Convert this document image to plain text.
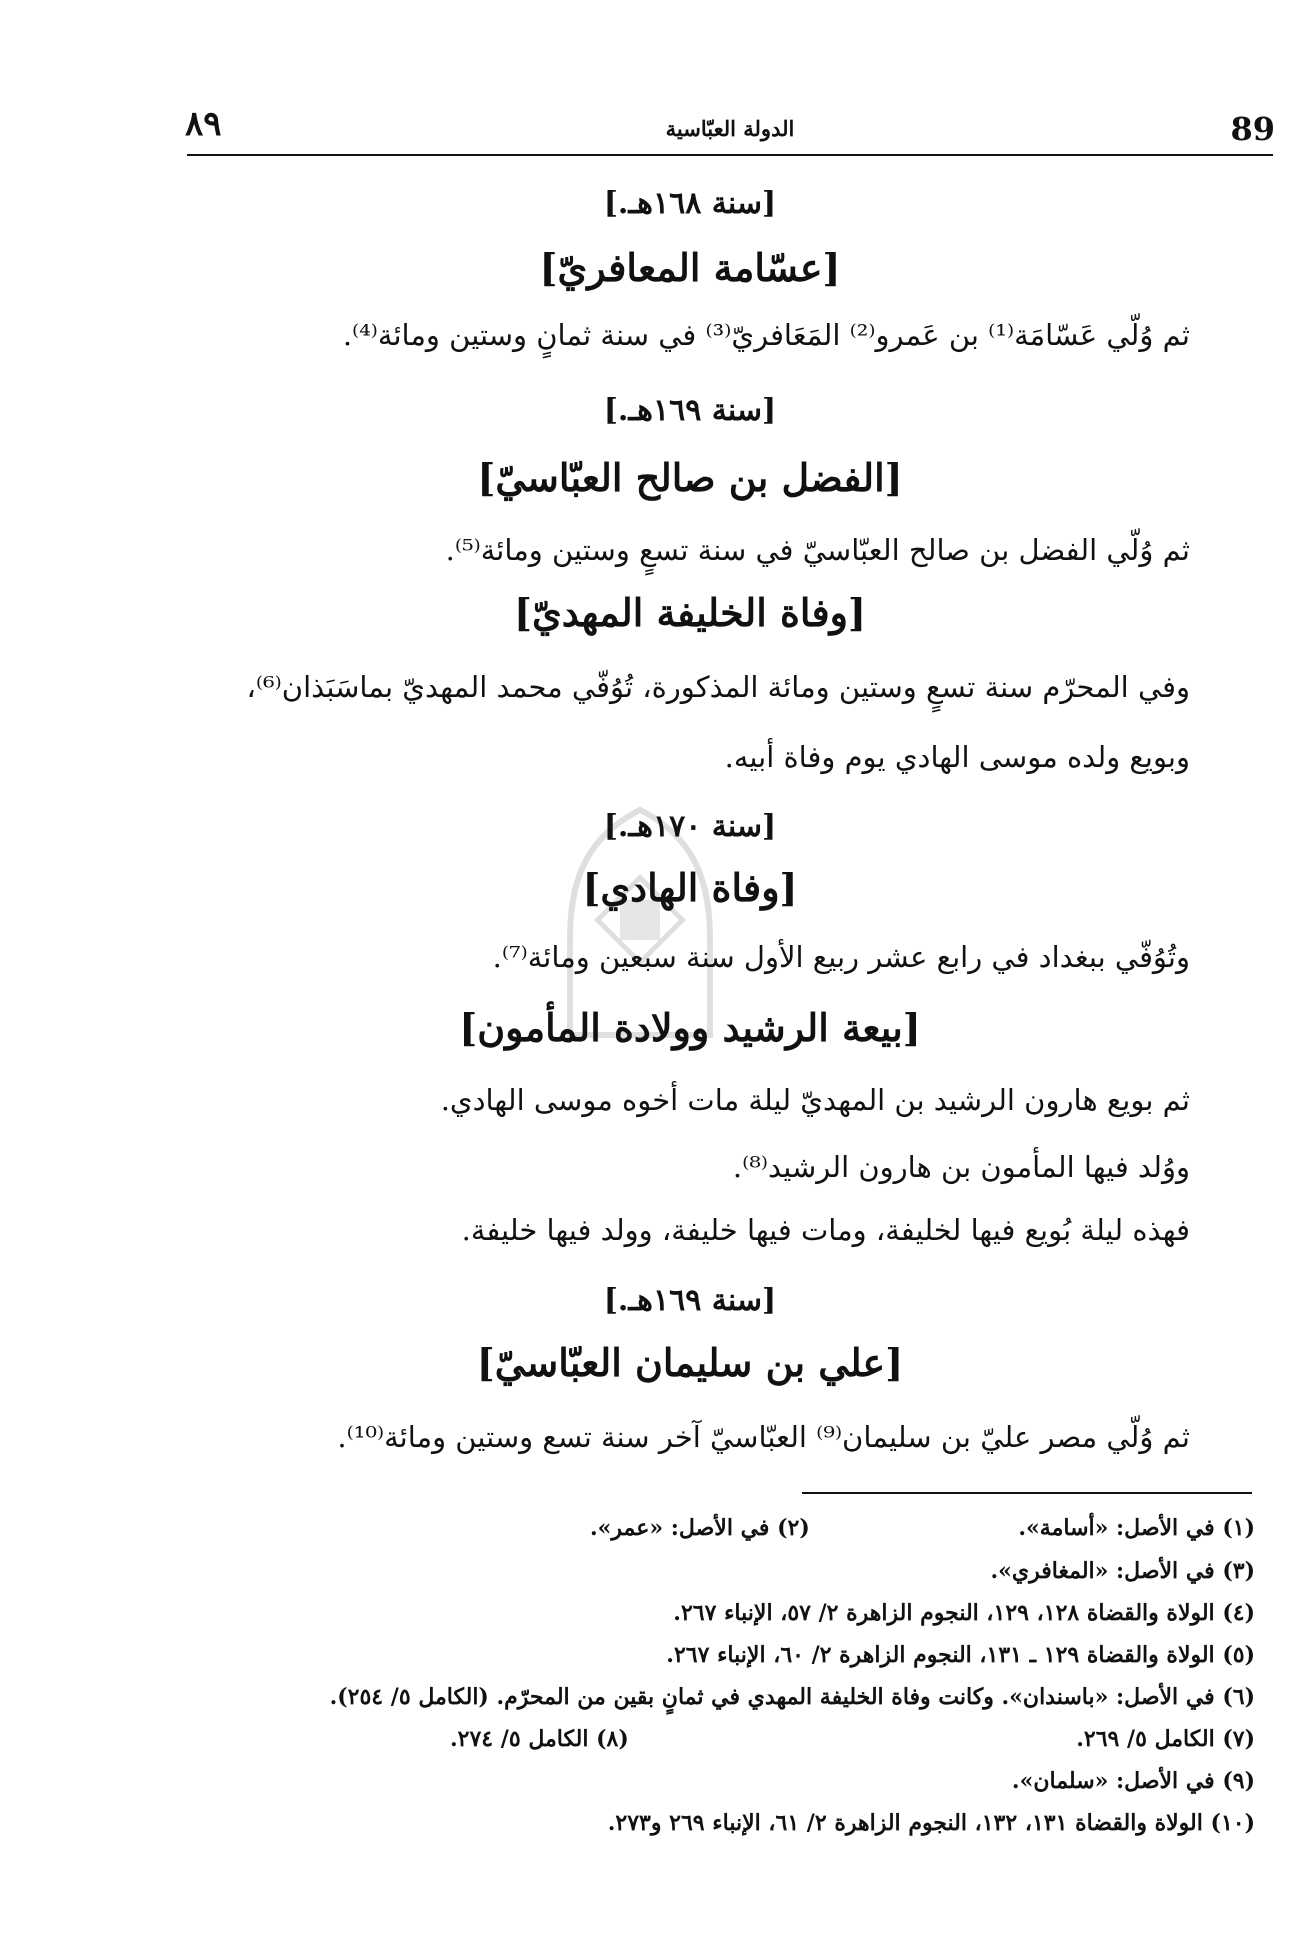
٨٩	الدولة العبّاسية	89
[سنة ١٦٨هـ.]
[عسّامة المعافريّ]
ثم وُلّي عَسّامَة⁽¹⁾ بن عَمرو⁽²⁾ المَعَافريّ⁽³⁾ في سنة ثمانٍ وستين ومائة⁽⁴⁾.
[سنة ١٦٩هـ.]
[الفضل بن صالح العبّاسيّ]
ثم وُلّي الفضل بن صالح العبّاسيّ في سنة تسعٍ وستين ومائة⁽⁵⁾.
[وفاة الخليفة المهديّ]
وفي المحرّم سنة تسعٍ وستين ومائة المذكورة، تُوُفّي محمد المهديّ بماسَبَذان⁽⁶⁾،
وبويع ولده موسى الهادي يوم وفاة أبيه.
[سنة ١٧٠هـ.]
[وفاة الهادي]
وتُوُفّي ببغداد في رابع عشر ربيع الأول سنة سبعين ومائة⁽⁷⁾.
[بيعة الرشيد وولادة المأمون]
ثم بويع هارون الرشيد بن المهديّ ليلة مات أخوه موسى الهادي.
ووُلد فيها المأمون بن هارون الرشيد⁽⁸⁾.
فهذه ليلة بُويع فيها لخليفة، ومات فيها خليفة، وولد فيها خليفة.
[سنة ١٦٩هـ.]
[علي بن سليمان العبّاسيّ]
ثم وُلّي مصر عليّ بن سليمان⁽⁹⁾ العبّاسيّ آخر سنة تسع وستين ومائة⁽¹⁰⁾.
(١) في الأصل: «أسامة».
(٢) في الأصل: «عمر».
(٣) في الأصل: «المغافري».
(٤) الولاة والقضاة ١٢٨، ١٢٩، النجوم الزاهرة ٢/ ٥٧، الإنباء ٢٦٧.
(٥) الولاة والقضاة ١٢٩ ـ ١٣١، النجوم الزاهرة ٢/ ٦٠، الإنباء ٢٦٧.
(٦) في الأصل: «باسندان». وكانت وفاة الخليفة المهدي في ثمانٍ بقين من المحرّم. (الكامل ٥/ ٢٥٤).
(٧) الكامل ٥/ ٢٦٩.
(٨) الكامل ٥/ ٢٧٤.
(٩) في الأصل: «سلمان».
(١٠) الولاة والقضاة ١٣١، ١٣٢، النجوم الزاهرة ٢/ ٦١، الإنباء ٢٦٩ و٢٧٣.
